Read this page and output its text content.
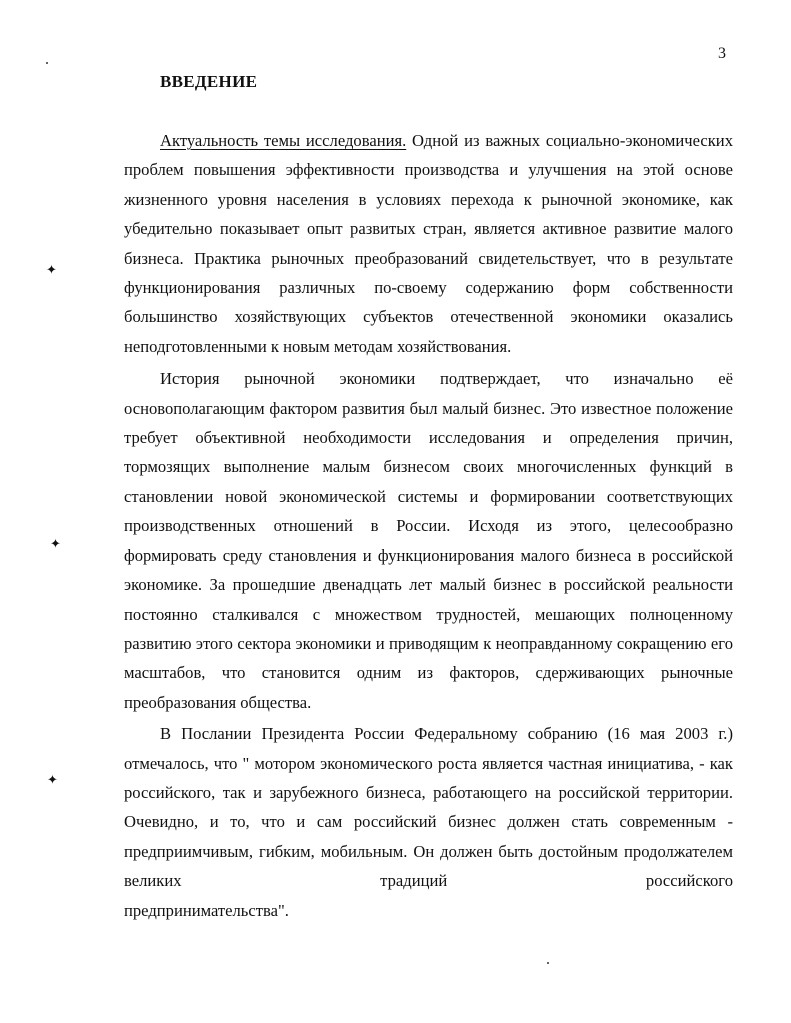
3
ВВЕДЕНИЕ

Актуальность темы исследования. Одной из важных социально-экономических проблем повышения эффективности производства и улучшения на этой основе жизненного уровня населения в условиях перехода к рыночной экономике, как убедительно показывает опыт развитых стран, является активное развитие малого бизнеса. Практика рыночных преобразований свидетельствует, что в результате функционирования различных по-своему содержанию форм собственности большинство хозяйствующих субъектов отечественной экономики оказались неподготовленными к новым методам хозяйствования.

История рыночной экономики подтверждает, что изначально её основополагающим фактором развития был малый бизнес. Это известное положение требует объективной необходимости исследования и определения причин, тормозящих выполнение малым бизнесом своих многочисленных функций в становлении новой экономической системы и формировании соответствующих производственных отношений в России. Исходя из этого, целесообразно формировать среду становления и функционирования малого бизнеса в российской экономике. За прошедшие двенадцать лет малый бизнес в российской реальности постоянно сталкивался с множеством трудностей, мешающих полноценному развитию этого сектора экономики и приводящим к неоправданному сокращению его масштабов, что становится одним из факторов, сдерживающих рыночные преобразования общества.

В Послании Президента России Федеральному собранию (16 мая 2003 г.) отмечалось, что " мотором экономического роста является частная инициатива, - как российского, так и зарубежного бизнеса, работающего на российской территории. Очевидно, и то, что и сам российский бизнес должен стать современным - предприимчивым, гибким, мобильным. Он должен быть достойным продолжателем великих традиций российского

предпринимательства".

✦
✦
✦
